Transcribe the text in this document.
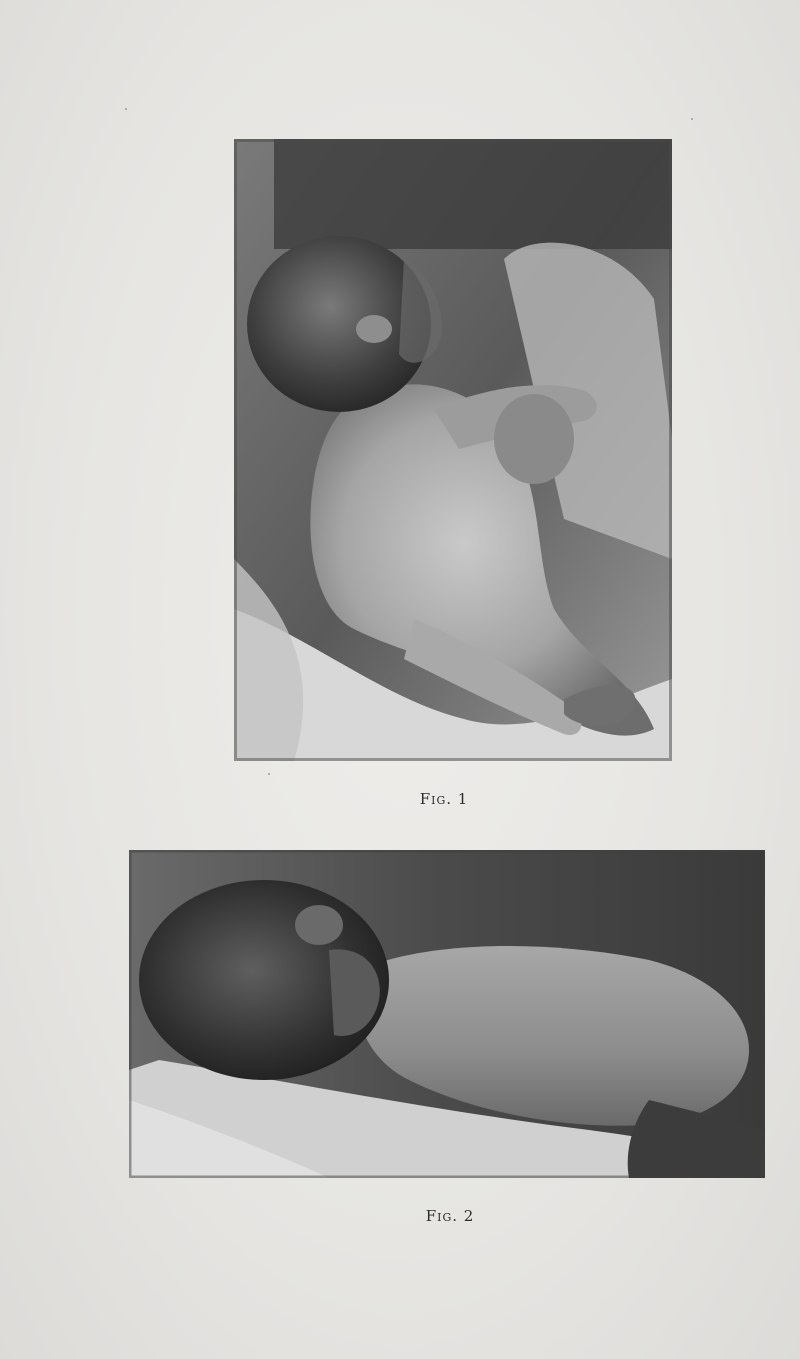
Fig. 1
Fig. 2
